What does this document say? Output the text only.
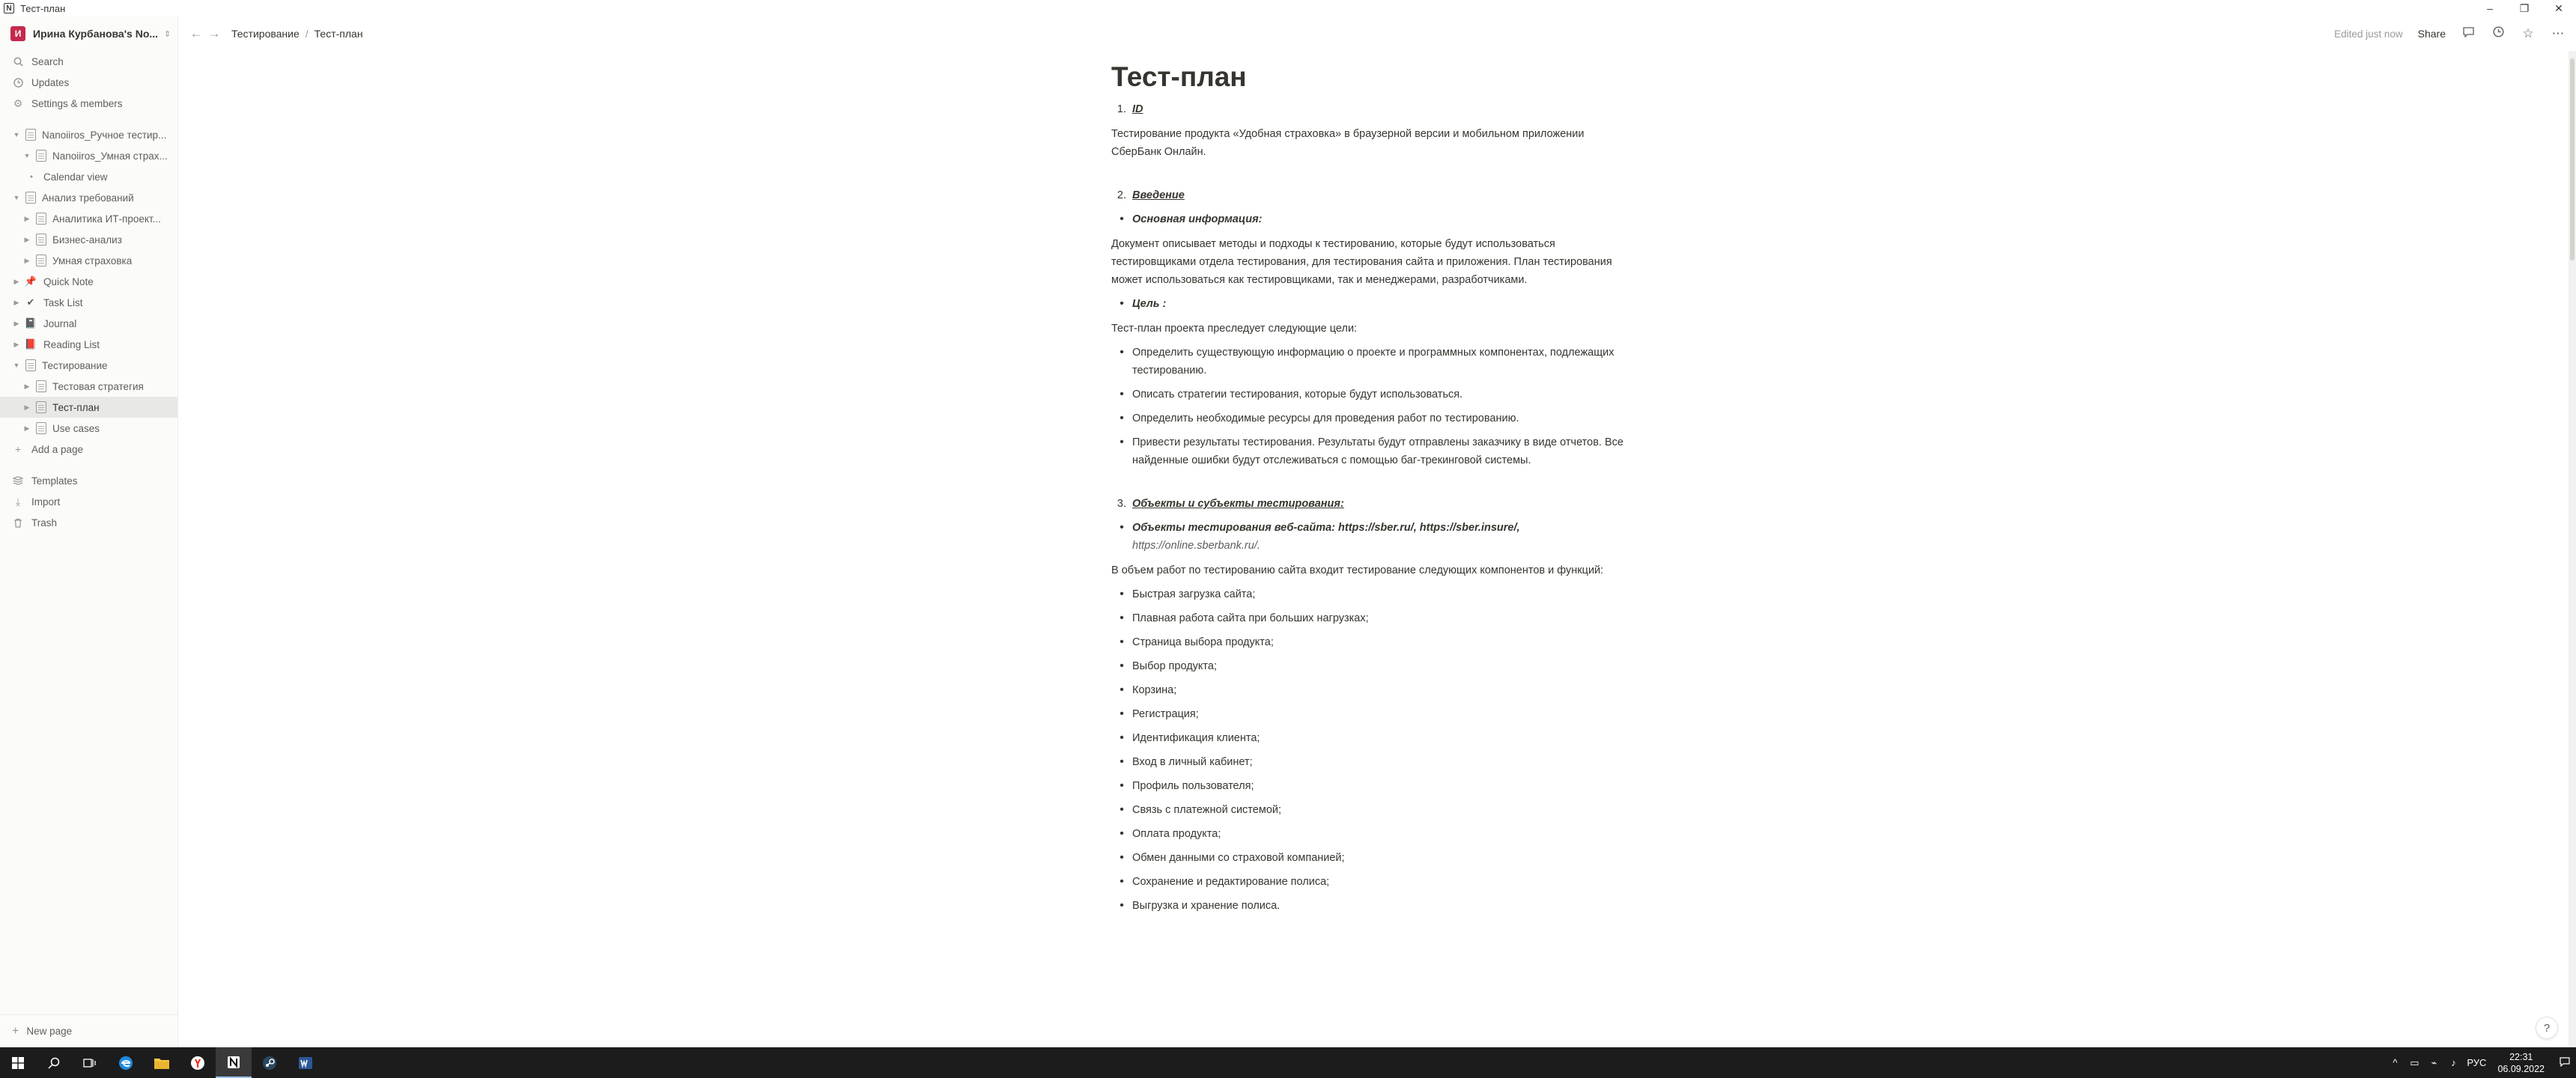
N Тест-план	–	❐	✕
И	Ирина Курбанова's No... ⇕
Search
Updates
⚙ Settings & members
▼ Nanoiiros_Ручное тестир...
▼ Nanoiiros_Умная страх...
•	Calendar view
▼ Анализ требований
▶	Аналитика ИТ-проект...
▶	Бизнес-анализ
▶	Умная страховка
▶ 📌 Quick Note
▶ ✔ Task List
▶ 📓 Journal
▶ 📕 Reading List
▼ Тестирование
▶	Тестовая стратегия
▶	Тест-план
▶	Use cases
+ Add a page
Templates
⤓	Import
Trash
+ New page
← → Тестирование / Тест-план	Edited just now Share	☆ ⋯
Тест-план
1. ID
Тестирование продукта «Удобная страховка» в браузерной версии и мобильном приложении СберБанк Онлайн.
2. Введение
• Основная информация:
Документ описывает методы и подходы к тестированию, которые будут использоваться тестировщиками отдела тестирования, для тестирования сайта и приложения. План тестирования может использоваться как тестировщиками, так и менеджерами, разработчиками.
• Цель :
Тест-план проекта преследует следующие цели:
• Определить существующую информацию о проекте и программных компонентах, подлежащих тестированию.
• Описать стратегии тестирования, которые будут использоваться.
• Определить необходимые ресурсы для проведения работ по тестированию.
• Привести результаты тестирования. Результаты будут отправлены заказчику в виде отчетов. Все найденные ошибки будут отслеживаться с помощью баг-трекинговой системы.
3. Объекты и субъекты тестирования:
• Объекты тестирования веб-сайта: https://sber.ru/, https://sber.insure/,
https://online.sberbank.ru/.
В объем работ по тестированию сайта входит тестирование следующих компонентов и функций:
• Быстрая загрузка сайта;
• Плавная работа сайта при больших нагрузках;
• Страница выбора продукта;
• Выбор продукта;
• Корзина;
• Регистрация;
• Идентификация клиента;
• Вход в личный кабинет;
• Профиль пользователя;
• Связь с платежной системой;
• Оплата продукта;
• Обмен данными со страховой компанией;
• Сохранение и редактирование полиса;
• Выгрузка и хранение полиса.
?
^	▭	⌁	♪	РУС
22:31
06.09.2022
